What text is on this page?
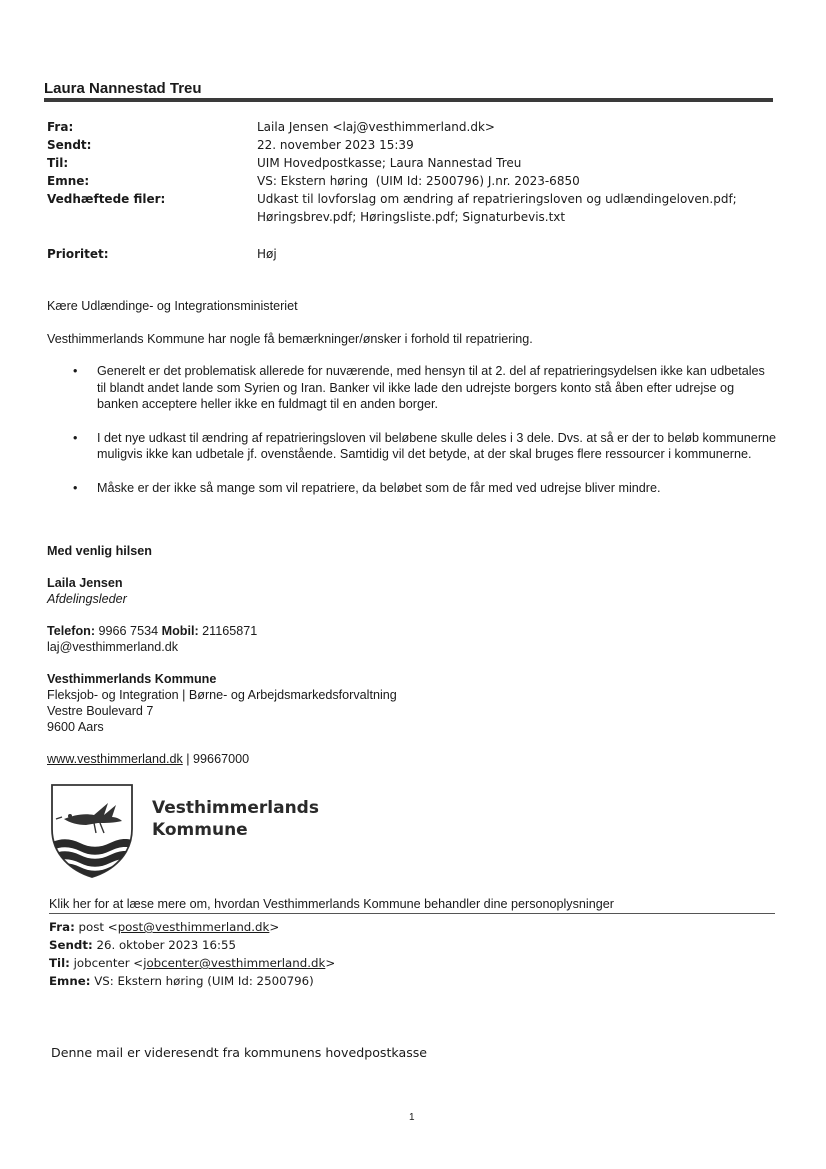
Laura Nannestad Treu
Fra:
Sendt:
Til:
Emne:
Vedhæftede filer:
Prioritet:
Laila Jensen <laj@vesthimmerland.dk>
22. november 2023 15:39
UIM Hovedpostkasse; Laura Nannestad Treu
VS: Ekstern høring  (UIM Id: 2500796) J.nr. 2023-6850
Udkast til lovforslag om ændring af repatrieringsloven og udlændingeloven.pdf;
Høringsbrev.pdf; Høringsliste.pdf; Signaturbevis.txt
Høj
Kære Udlændinge- og Integrationsministeriet
Vesthimmerlands Kommune har nogle få bemærkninger/ønsker i forhold til repatriering.
• Generelt er det problematisk allerede for nuværende, med hensyn til at 2. del af repatrieringsydelsen ikke kan udbetales til blandt andet lande som Syrien og Iran. Banker vil ikke lade den udrejste borgers konto stå åben efter udrejse og banken acceptere heller ikke en fuldmagt til en anden borger.
• I det nye udkast til ændring af repatrieringsloven vil beløbene skulle deles i 3 dele. Dvs. at så er der to beløb kommunerne muligvis ikke kan udbetale jf. ovenstående. Samtidig vil det betyde, at der skal bruges flere ressourcer i kommunerne.
• Måske er der ikke så mange som vil repatriere, da beløbet som de får med ved udrejse bliver mindre.
Med venlig hilsen
Laila Jensen
Afdelingsleder
Telefon: 9966 7534 Mobil: 21165871
laj@vesthimmerland.dk
Vesthimmerlands Kommune
Fleksjob- og Integration | Børne- og Arbejdsmarkedsforvaltning
Vestre Boulevard 7
9600 Aars
www.vesthimmerland.dk | 99667000
Vesthimmerlands
Kommune
Klik her for at læse mere om, hvordan Vesthimmerlands Kommune behandler dine personoplysninger
Fra: post <post@vesthimmerland.dk>
Sendt: 26. oktober 2023 16:55
Til: jobcenter <jobcenter@vesthimmerland.dk>
Emne: VS: Ekstern høring (UIM Id: 2500796)
Denne mail er videresendt fra kommunens hovedpostkasse
1
